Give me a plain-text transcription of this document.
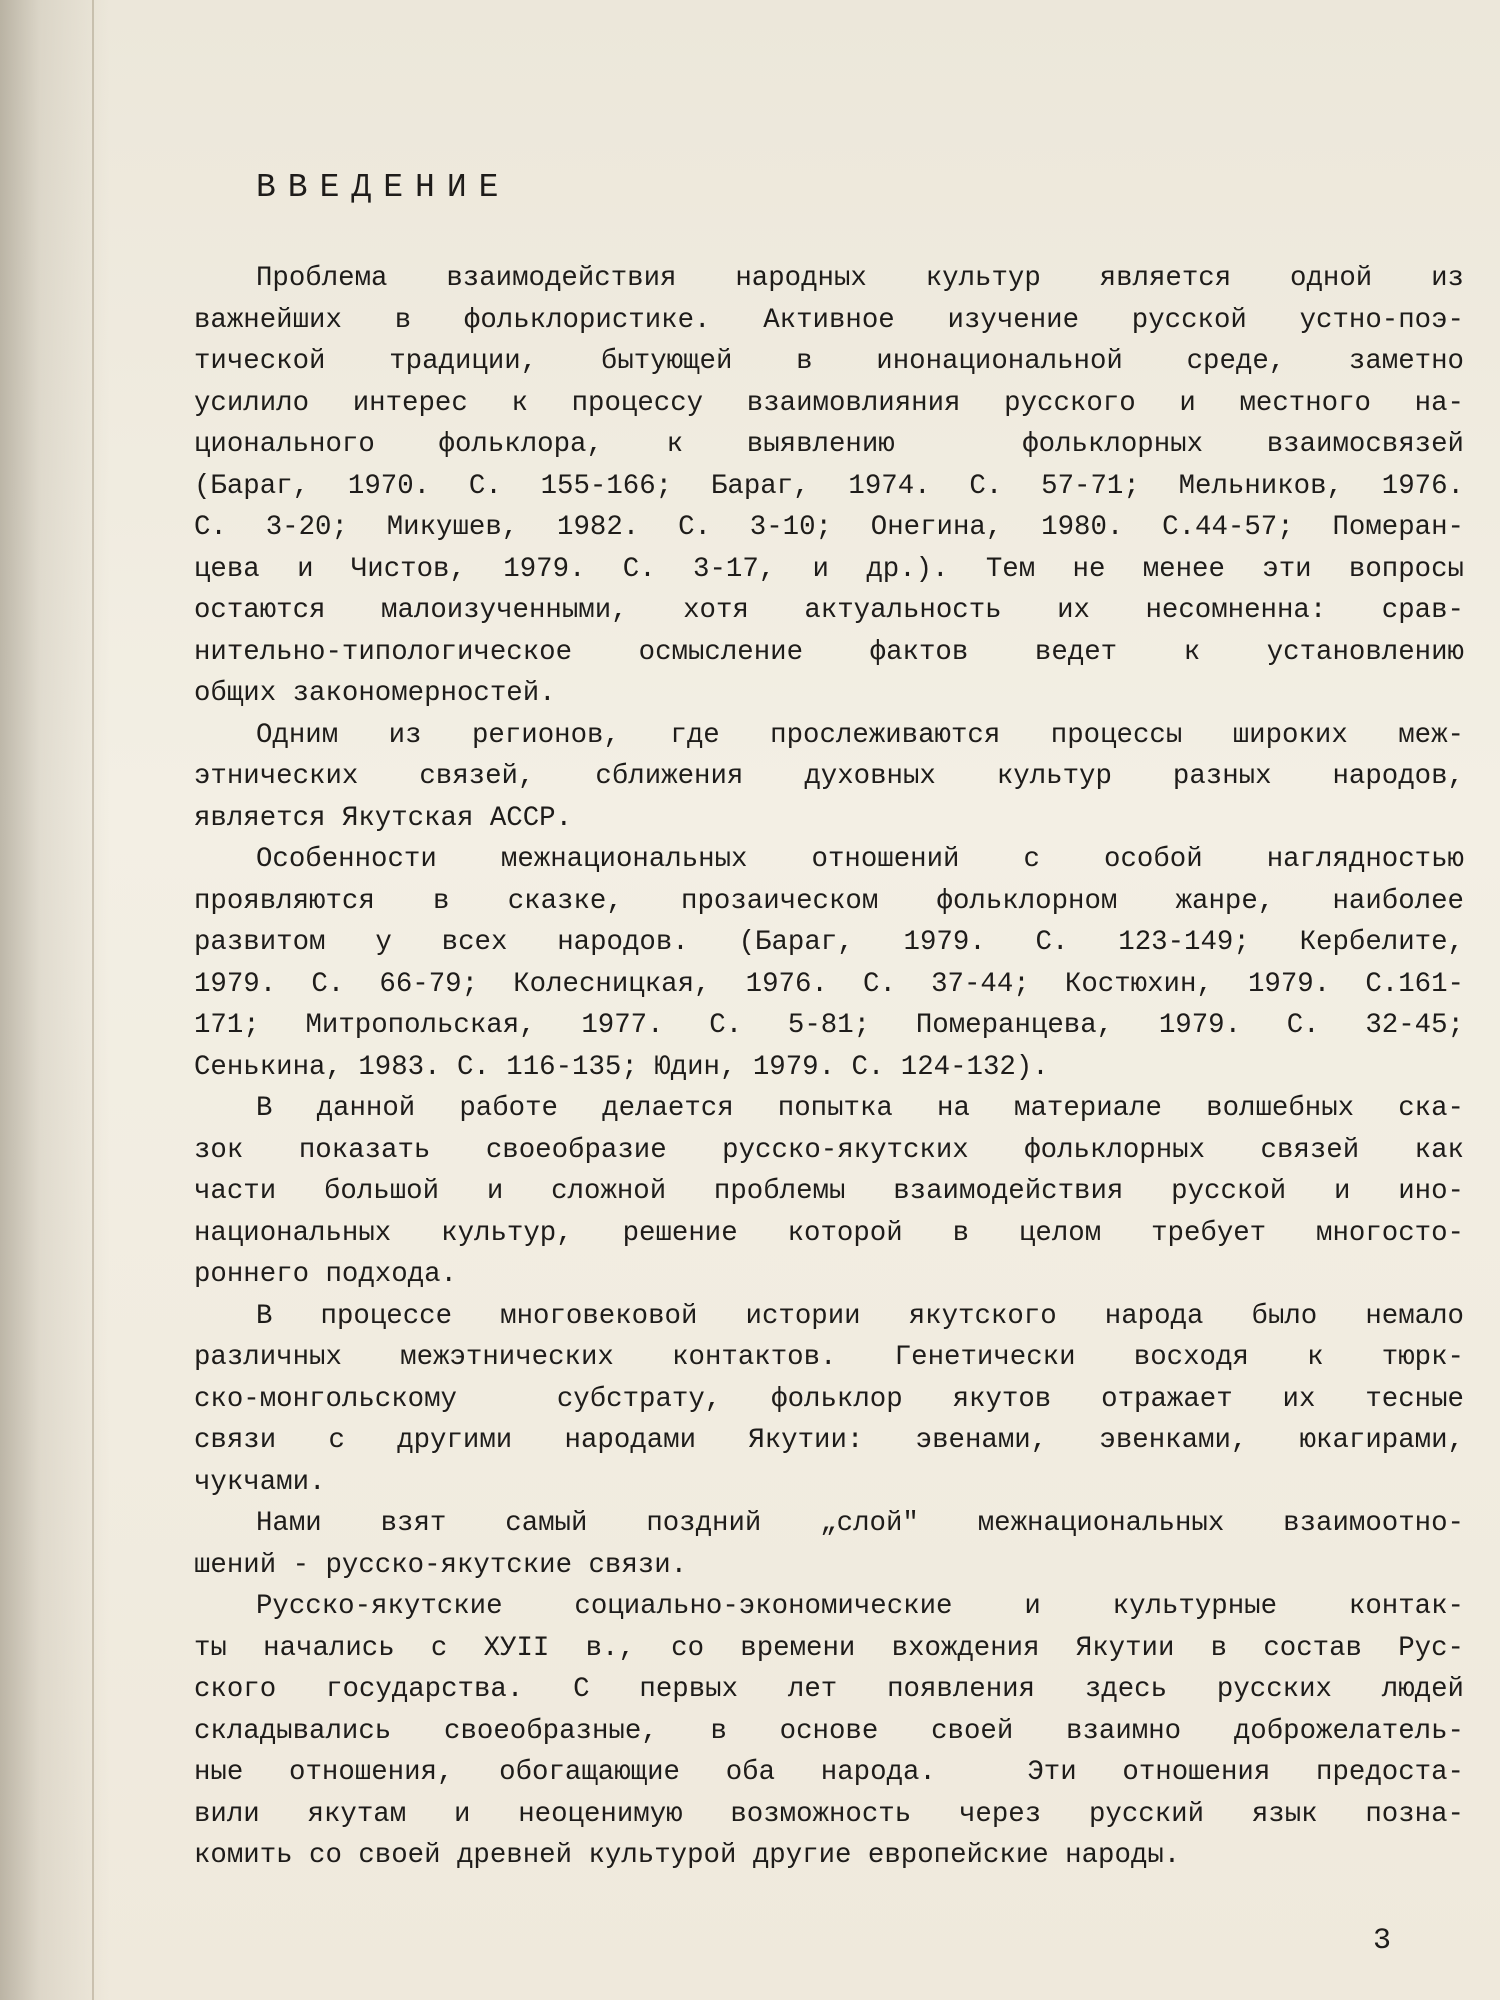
ВВЕДЕНИЕ
Проблема взаимодействия народных культур является одной из
важнейших в фольклористике. Активное изучение русской устно-поэ-
тической традиции, бытующей в инонациональной среде, заметно
усилило интерес к процессу взаимовлияния русского и местного на-
ционального фольклора, к выявлению  фольклорных взаимосвязей
(Бараг, 1970. С. 155-166; Бараг, 1974. С. 57-71; Мельников, 1976.
С. 3-20; Микушев, 1982. С. 3-10; Онегина, 1980. С.44-57; Померан-
цева и Чистов, 1979. С. 3-17, и др.). Тем не менее эти вопросы
остаются малоизученными, хотя актуальность их несомненна: срав-
нительно-типологическое осмысление фактов ведет к установлению
общих закономерностей.
Одним из регионов, где прослеживаются процессы широких меж-
этнических связей, сближения духовных культур разных народов,
является Якутская АССР.
Особенности межнациональных отношений с особой наглядностью
проявляются в сказке, прозаическом фольклорном жанре, наиболее
развитом у всех народов. (Бараг, 1979. С. 123-149; Кербелите,
1979. С. 66-79; Колесницкая, 1976. С. 37-44; Костюхин, 1979. С.161-
171; Митропольская, 1977. С. 5-81; Померанцева, 1979. С. 32-45;
Сенькина, 1983. С. 116-135; Юдин, 1979. С. 124-132).
В данной работе делается попытка на материале волшебных ска-
зок показать своеобразие русско-якутских фольклорных связей как
части большой и сложной проблемы взаимодействия русской и ино-
национальных культур, решение которой в целом требует многосто-
роннего подхода.
В процессе многовековой истории якутского народа было немало
различных межэтнических контактов. Генетически восходя к тюрк-
ско-монгольскому  субстрату, фольклор якутов отражает их тесные
связи с другими народами Якутии: эвенами, эвенками, юкагирами,
чукчами.
Нами взят самый поздний „слой" межнациональных взаимоотно-
шений - русско-якутские связи.
Русско-якутские социально-экономические и культурные контак-
ты начались с XУII в., со времени вхождения Якутии в состав Рус-
ского государства. С первых лет появления здесь русских людей
складывались своеобразные, в основе своей взаимно доброжелатель-
ные отношения, обогащающие оба народа.  Эти отношения предоста-
вили якутам и неоценимую возможность через русский язык позна-
комить со своей древней культурой другие европейские народы.
3
